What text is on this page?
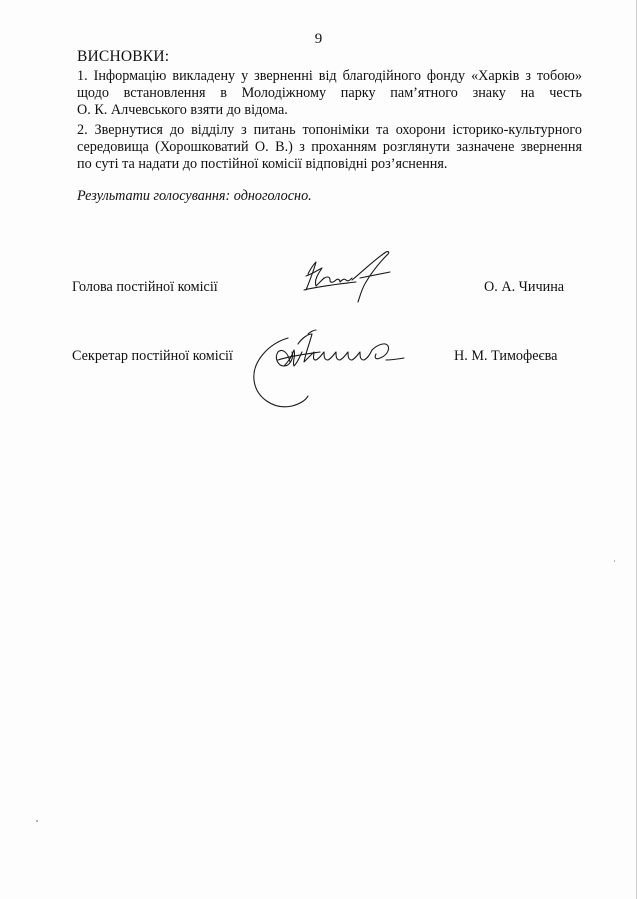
9
ВИСНОВКИ:
1. Інформацію викладену у зверненні від благодійного фонду «Харків з тобою»
щодо встановлення в Молодіжному парку пам’ятного знаку на честь
О. К. Алчевського взяти до відома.
2. Звернутися до відділу з питань топоніміки та охорони історико-культурного
середовища (Хорошковатий О. В.) з проханням розглянути зазначене звернення
по суті та надати до постійної комісії відповідні роз’яснення.
Результати голосування: одноголосно.
Голова постійної комісії	О. А. Чичина
Секретар постійної комісії	Н. М. Тимофеєва
